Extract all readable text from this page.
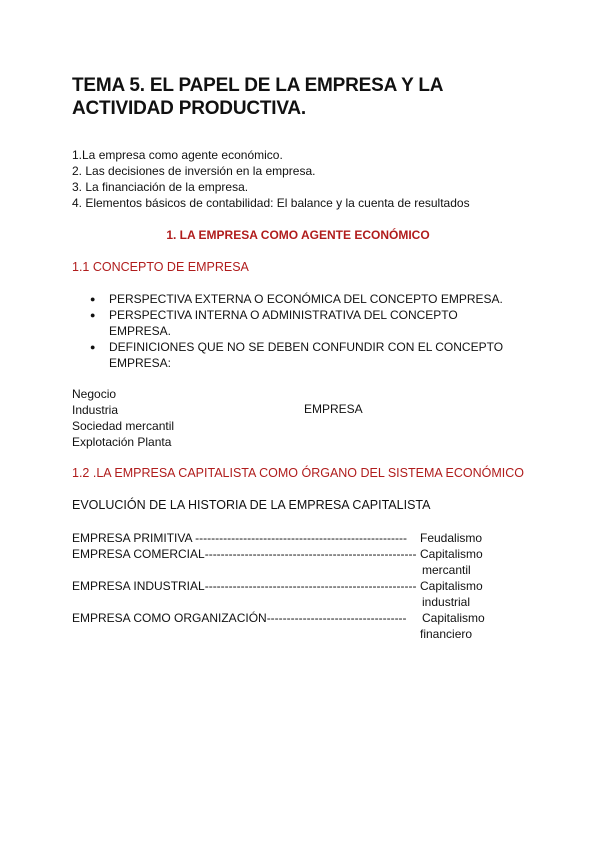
TEMA 5. EL PAPEL DE LA EMPRESA Y LA ACTIVIDAD PRODUCTIVA.
1.La empresa como agente económico.
2. Las decisiones de inversión en la empresa.
3. La financiación de la empresa.
4. Elementos básicos de contabilidad: El balance y la cuenta de resultados
1. LA EMPRESA COMO AGENTE ECONÓMICO
1.1 CONCEPTO DE EMPRESA
● PERSPECTIVA EXTERNA O ECONÓMICA DEL CONCEPTO EMPRESA.
● PERSPECTIVA INTERNA O ADMINISTRATIVA DEL CONCEPTO EMPRESA.
● DEFINICIONES QUE NO SE DEBEN CONFUNDIR CON EL CONCEPTO EMPRESA:
Negocio
Industria
Sociedad mercantil
Explotación Planta
EMPRESA
1.2 .LA EMPRESA CAPITALISTA COMO ÓRGANO DEL SISTEMA ECONÓMICO
EVOLUCIÓN DE LA HISTORIA DE LA EMPRESA CAPITALISTA
EMPRESA PRIMITIVA ----------------------------------------------------- Feudalismo
EMPRESA COMERCIAL----------------------------------------------------- Capitalismo
mercantil
EMPRESA INDUSTRIAL----------------------------------------------------- Capitalismo
industrial
EMPRESA COMO ORGANIZACIÓN----------------------------------- Capitalismo
financiero
